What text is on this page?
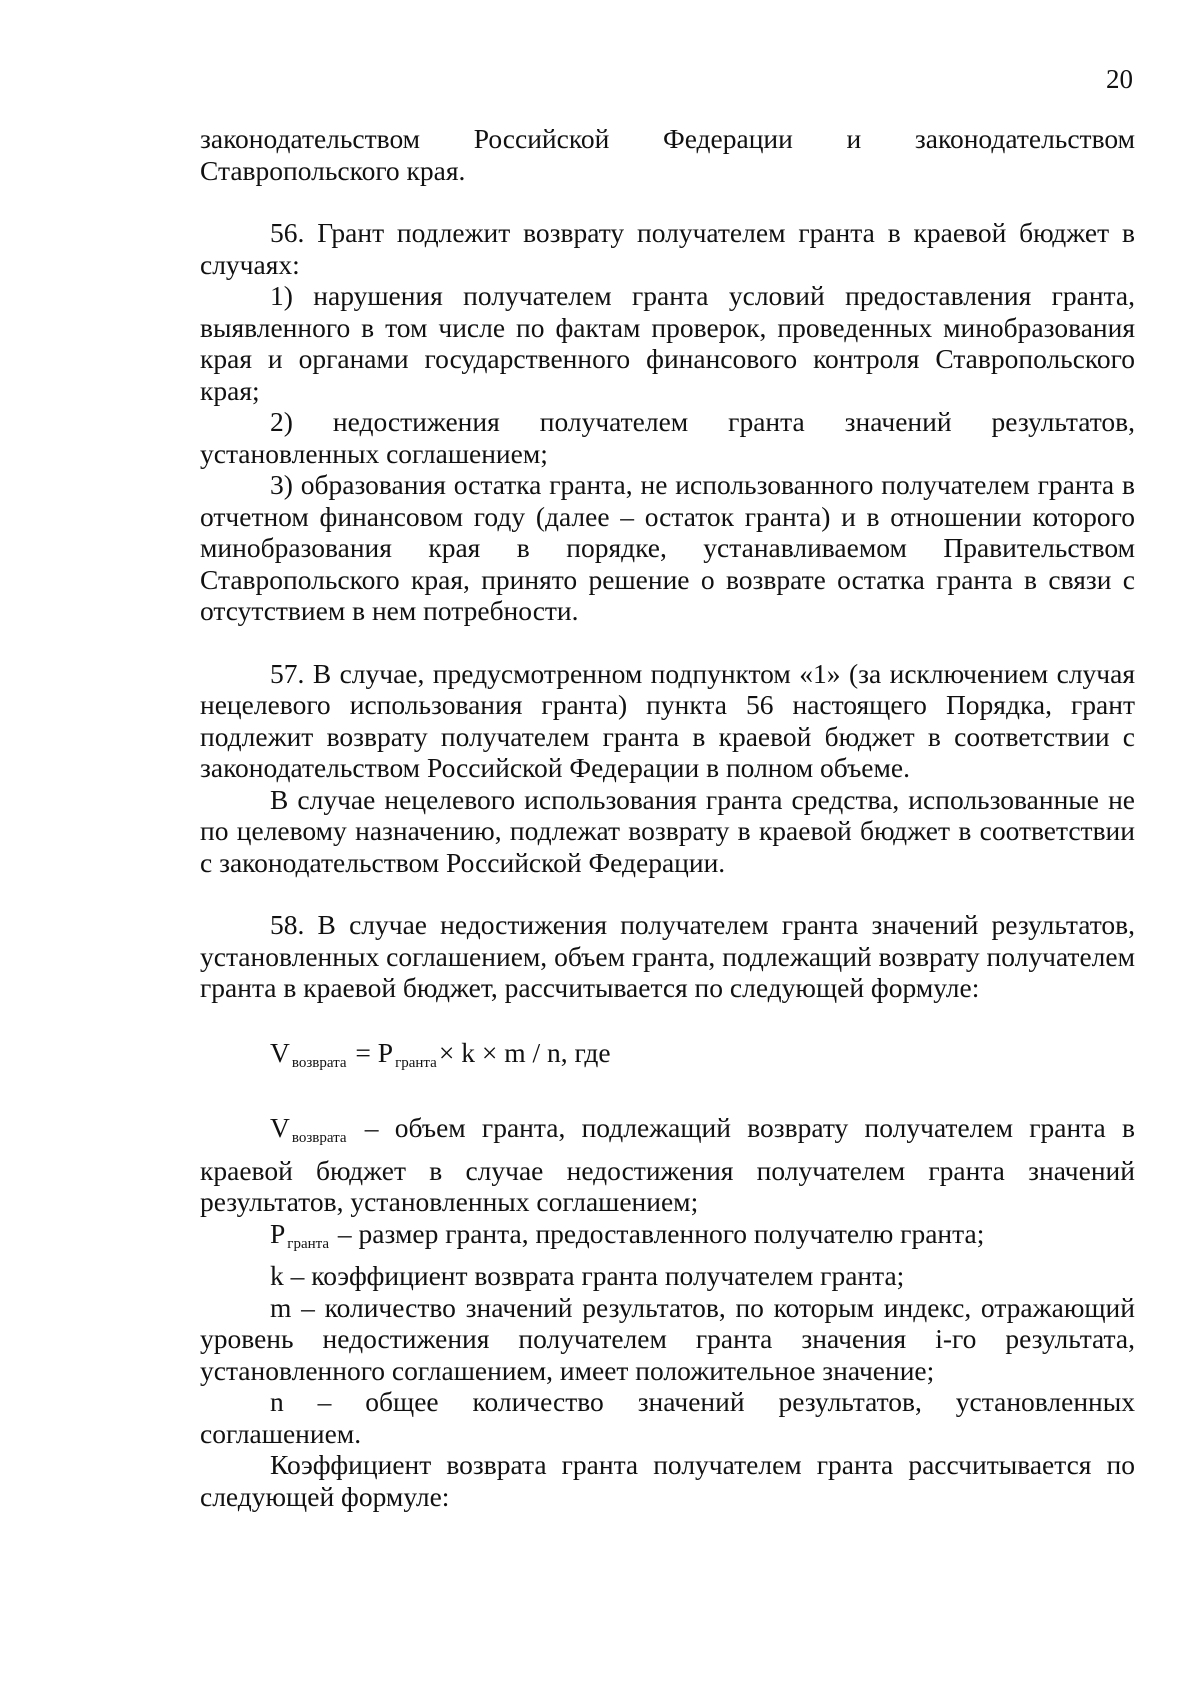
20

законодательством Российской Федерации и законодательством Ставропольского края.

56. Грант подлежит возврату получателем гранта в краевой бюджет в случаях:

1) нарушения получателем гранта условий предоставления гранта, выявленного в том числе по фактам проверок, проведенных минобразования края и органами государственного финансового контроля Ставропольского края;

2) недостижения получателем гранта значений результатов, установленных соглашением;

3) образования остатка гранта, не использованного получателем гранта в отчетном финансовом году (далее – остаток гранта) и в отношении которого минобразования края в порядке, устанавливаемом Правительством Ставропольского края, принято решение о возврате остатка гранта в связи с отсутствием в нем потребности.

57. В случае, предусмотренном подпунктом «1» (за исключением случая нецелевого использования гранта) пункта 56 настоящего Порядка, грант подлежит возврату получателем гранта в краевой бюджет в соответствии с законодательством Российской Федерации в полном объеме.

В случае нецелевого использования гранта средства, использованные не по целевому назначению, подлежат возврату в краевой бюджет в соответствии с законодательством Российской Федерации.

58. В случае недостижения получателем гранта значений результатов, установленных соглашением, объем гранта, подлежащий возврату получателем гранта в краевой бюджет, рассчитывается по следующей формуле:

V $_{возврата}$ = P $_{гранта}$× k × m / n, где

V $_{возврата}$ – объем гранта, подлежащий возврату получателем гранта в краевой бюджет в случае недостижения получателем гранта значений результатов, установленных соглашением;

P $_{гранта}$ – размер гранта, предоставленного получателю гранта;

k – коэффициент возврата гранта получателем гранта;

m – количество значений результатов, по которым индекс, отражающий уровень недостижения получателем гранта значения i-го результата, установленного соглашением, имеет положительное значение;

n – общее количество значений результатов, установленных соглашением.

Коэффициент возврата гранта получателем гранта рассчитывается по следующей формуле:
